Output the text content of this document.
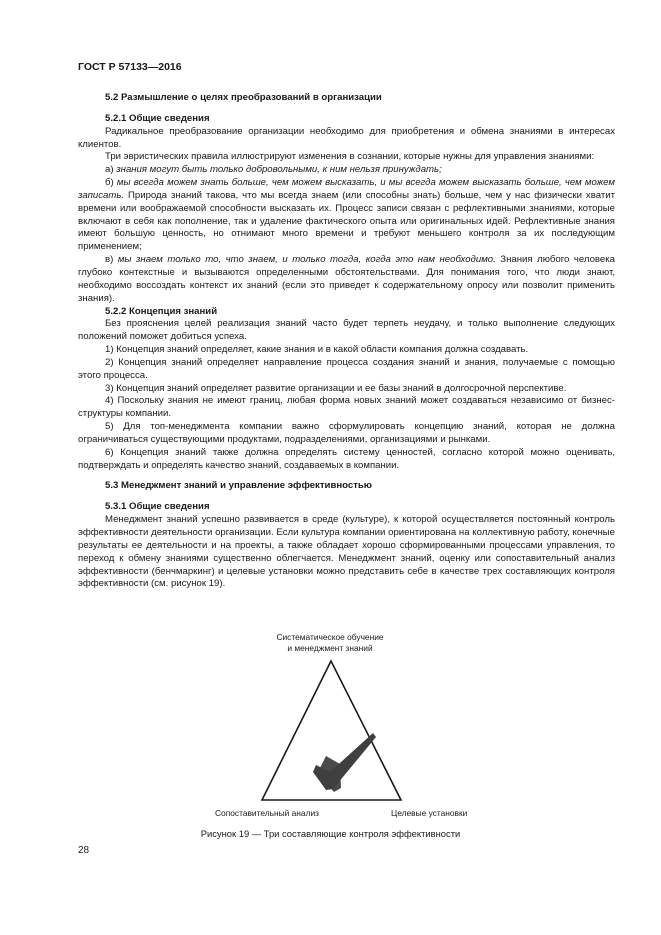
ГОСТ Р 57133—2016
5.2 Размышление о целях преобразований в организации
5.2.1 Общие сведения

Радикальное преобразование организации необходимо для приобретения и обмена знаниями в интересах клиентов.

Три эвристических правила иллюстрируют изменения в сознании, которые нужны для управления знаниями:

а) знания могут быть только добровольными, к ним нельзя принуждать;

б) мы всегда можем знать больше, чем можем высказать, и мы всегда можем высказать больше, чем можем записать. Природа знаний такова, что мы всегда знаем (или способны знать) больше, чем у нас физически хватит времени или воображаемой способности высказать их. Процесс записи связан с рефлективными знаниями, которые включают в себя как пополнение, так и удаление фактического опыта или оригинальных идей. Рефлективные знания имеют большую ценность, но отнимают много времени и требуют меньшего контроля за их последующим применением;

в) мы знаем только то, что знаем, и только тогда, когда это нам необходимо. Знания любого человека глубоко контекстные и вызываются определенными обстоятельствами. Для понимания того, что люди знают, необходимо воссоздать контекст их знаний (если это приведет к содержательному опросу или позволит применить знания).

5.2.2 Концепция знаний

Без прояснения целей реализация знаний часто будет терпеть неудачу, и только выполнение следующих положений поможет добиться успеха.

1) Концепция знаний определяет, какие знания и в какой области компания должна создавать.

2) Концепция знаний определяет направление процесса создания знаний и знания, получаемые с помощью этого процесса.

3) Концепция знаний определяет развитие организации и ее базы знаний в долгосрочной перспективе.

4) Поскольку знания не имеют границ, любая форма новых знаний может создаваться независимо от бизнес-структуры компании.

5) Для топ-менеджмента компании важно сформулировать концепцию знаний, которая не должна ограничиваться существующими продуктами, подразделениями, организациями и рынками.

6) Концепция знаний также должна определять систему ценностей, согласно которой можно оценивать, подтверждать и определять качество знаний, создаваемых в компании.

5.3 Менеджмент знаний и управление эффективностью
5.3.1 Общие сведения

Менеджмент знаний успешно развивается в среде (культуре), к которой осуществляется постоянный контроль эффективности деятельности организации. Если культура компании ориентирована на коллективную работу, конечные результаты ее деятельности и на проекты, а также обладает хорошо сформированными процессами управления, то переход к обмену знаниями существенно облегчается. Менеджмент знаний, оценку или сопоставительный анализ эффективности (бенчмаркинг) и целевые установки можно представить себе в качестве трех составляющих контроля эффективности (см. рисунок 19).

Систематическое обучение
и менеджмент знаний
Сопоставительный анализ	Целевые установки
Рисунок 19 — Три составляющие контроля эффективности
28
